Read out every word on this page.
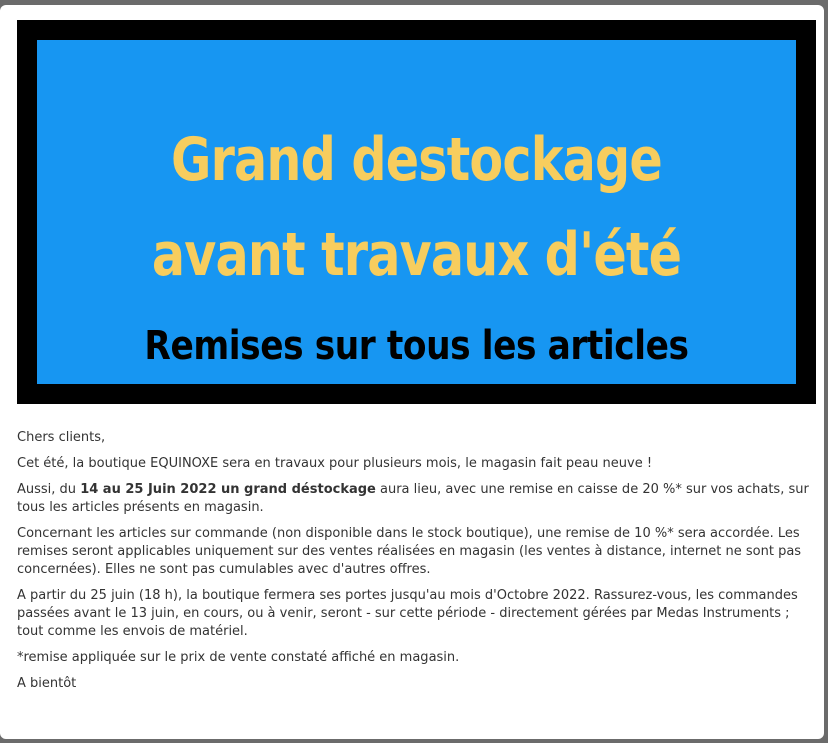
Grand destockage
avant travaux d'été
Remises sur tous les articles

Chers clients,

Cet été, la boutique EQUINOXE sera en travaux pour plusieurs mois, le magasin fait peau neuve !

Aussi, du 14 au 25 Juin 2022 un grand déstockage aura lieu, avec une remise en caisse de 20 %* sur vos achats, sur tous les articles présents en magasin.

Concernant les articles sur commande (non disponible dans le stock boutique), une remise de 10 %* sera accordée. Les remises seront applicables uniquement sur des ventes réalisées en magasin (les ventes à distance, internet ne sont pas concernées). Elles ne sont pas cumulables avec d'autres offres.

A partir du 25 juin (18 h), la boutique fermera ses portes jusqu'au mois d'Octobre 2022. Rassurez-vous, les commandes passées avant le 13 juin, en cours, ou à venir, seront - sur cette période - directement gérées par Medas Instruments ; tout comme les envois de matériel.

*remise appliquée sur le prix de vente constaté affiché en magasin.

A bientôt
